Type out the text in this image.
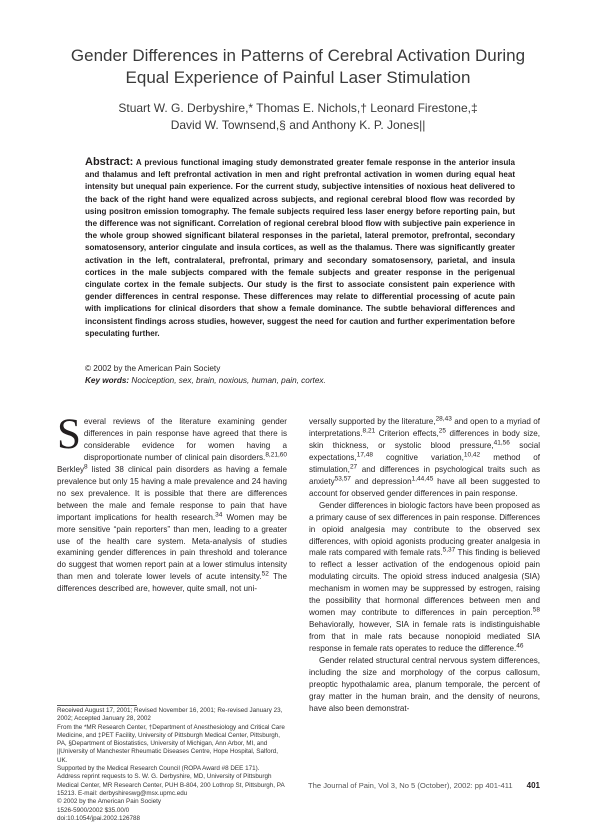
Gender Differences in Patterns of Cerebral Activation During
Equal Experience of Painful Laser Stimulation
Stuart W. G. Derbyshire,* Thomas E. Nichols,† Leonard Firestone,‡
David W. Townsend,§ and Anthony K. P. Jones||
Abstract: A previous functional imaging study demonstrated greater female response in the anterior insula and thalamus and left prefrontal activation in men and right prefrontal activation in women during equal heat intensity but unequal pain experience. For the current study, subjective intensities of noxious heat delivered to the back of the right hand were equalized across subjects, and regional cerebral blood flow was recorded by using positron emission tomography. The female subjects required less laser energy before reporting pain, but the difference was not significant. Correlation of regional cerebral blood flow with subjective pain experience in the whole group showed significant bilateral responses in the parietal, lateral premotor, prefrontal, secondary somatosensory, anterior cingulate and insula cortices, as well as the thalamus. There was significantly greater activation in the left, contralateral, prefrontal, primary and secondary somatosensory, parietal, and insula cortices in the male subjects compared with the female subjects and greater response in the perigenual cingulate cortex in the female subjects. Our study is the first to associate consistent pain experience with gender differences in central response. These differences may relate to differential processing of acute pain with implications for clinical disorders that show a female dominance. The subtle behavioral differences and inconsistent findings across studies, however, suggest the need for caution and further experimentation before speculating further.
© 2002 by the American Pain Society
Key words: Nociception, sex, brain, noxious, human, pain, cortex.

Several reviews of the literature examining gender differences in pain response have agreed that there is considerable evidence for women having a disproportionate number of clinical pain disorders.$^{8,21,60}$ Berkley$^8$ listed 38 clinical pain disorders as having a female prevalence but only 15 having a male prevalence and 24 having no sex prevalence. It is possible that there are differences between the male and female response to pain that have important implications for health research.$^{34}$ Women may be more sensitive “pain reporters” than men, leading to a greater use of the health care system. Meta-analysis of studies examining gender differences in pain threshold and tolerance do suggest that women report pain at a lower stimulus intensity than men and tolerate lower levels of acute intensity.$^{52}$ The differences described are, however, quite small, not uni-

versally supported by the literature,$^{28,43}$ and open to a myriad of interpretations.$^{8,21}$ Criterion effects,$^{25}$ differences in body size, skin thickness, or systolic blood pressure,$^{41,56}$ social expectations,$^{17,48}$ cognitive variation,$^{10,42}$ method of stimulation,$^{27}$ and differences in psychological traits such as anxiety$^{53,57}$ and depression$^{1,44,45}$ have all been suggested to account for observed gender differences in pain response.

Gender differences in biologic factors have been proposed as a primary cause of sex differences in pain response. Differences in opioid analgesia may contribute to the observed sex differences, with opioid agonists producing greater analgesia in male rats compared with female rats.$^{5,37}$ This finding is believed to reflect a lesser activation of the endogenous opioid pain modulating circuits. The opioid stress induced analgesia (SIA) mechanism in women may be suppressed by estrogen, raising the possibility that hormonal differences between men and women may contribute to differences in pain perception.$^{58}$ Behaviorally, however, SIA in female rats is indistinguishable from that in male rats because nonopioid mediated SIA response in female rats operates to reduce the difference.$^{46}$

Gender related structural central nervous system differences, including the size and morphology of the corpus callosum, preoptic hypothalamic area, planum temporale, the percent of gray matter in the human brain, and the density of neurons, have also been demonstrat-

Received August 17, 2001; Revised November 16, 2001; Re-revised January 23, 2002; Accepted January 28, 2002
From the *MR Research Center, †Department of Anesthesiology and Critical Care Medicine, and ‡PET Facility, University of Pittsburgh Medical Center, Pittsburgh, PA, §Department of Biostatistics, University of Michigan, Ann Arbor, MI, and ||University of Manchester Rheumatic Diseases Centre, Hope Hospital, Salford, UK.
Supported by the Medical Research Council (ROPA Award #8 DEE 171).
Address reprint requests to S. W. G. Derbyshire, MD, University of Pittsburgh Medical Center, MR Research Center, PUH B-804, 200 Lothrop St, Pittsburgh, PA 15213. E-mail: derbyshireswg@msx.upmc.edu
© 2002 by the American Pain Society
1526-5900/2002 $35.00/0
doi:10.1054/jpai.2002.126788
The Journal of Pain, Vol 3, No 5 (October), 2002: pp 401-411 401
